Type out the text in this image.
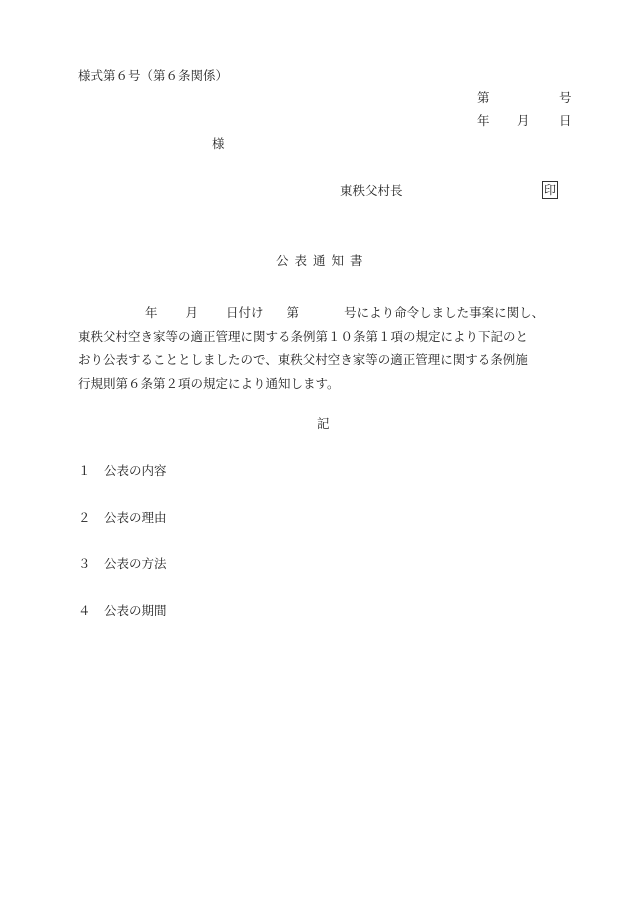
様式第６号（第６条関係）
第	号
年 月 日
様
東秩父村長	印
公表通知書
年 月 日付け 第	号により命令しました事案に関し、
東秩父村空き家等の適正管理に関する条例第１０条第１項の規定により下記のと
おり公表することとしましたので、東秩父村空き家等の適正管理に関する条例施
行規則第６条第２項の規定により通知します。
記
１ 公表の内容
２ 公表の理由
３ 公表の方法
４ 公表の期間
